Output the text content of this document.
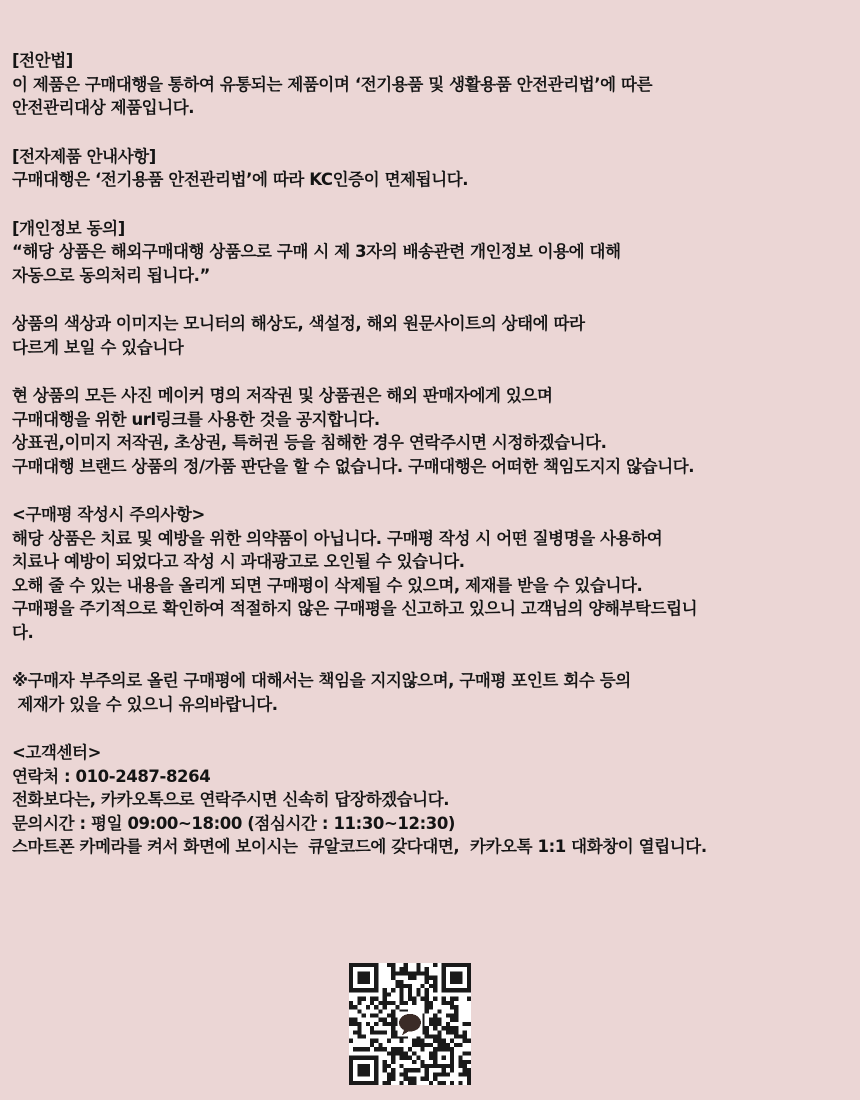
[전안법]
이 제품은 구매대행을 통하여 유통되는 제품이며 ‘전기용품 및 생활용품 안전관리법’에 따른
안전관리대상 제품입니다.
[전자제품 안내사항]
구매대행은 ‘전기용품 안전관리법’에 따라 KC인증이 면제됩니다.
[개인정보 동의]
“해당 상품은 해외구매대행 상품으로 구매 시 제 3자의 배송관련 개인정보 이용에 대해
자동으로 동의처리 됩니다.”
상품의 색상과 이미지는 모니터의 해상도, 색설정, 해외 원문사이트의 상태에 따라
다르게 보일 수 있습니다
현 상품의 모든 사진 메이커 명의 저작권 및 상품권은 해외 판매자에게 있으며
구매대행을 위한 url링크를 사용한 것을 공지합니다.
상표권,이미지 저작권, 초상권, 특허권 등을 침해한 경우 연락주시면 시정하겠습니다.
구매대행 브랜드 상품의 정/가품 판단을 할 수 없습니다. 구매대행은 어떠한 책임도지지 않습니다.
<구매평 작성시 주의사항>
해당 상품은 치료 및 예방을 위한 의약품이 아닙니다. 구매평 작성 시 어떤 질병명을 사용하여
치료나 예방이 되었다고 작성 시 과대광고로 오인될 수 있습니다.
오해 줄 수 있는 내용을 올리게 되면 구매평이 삭제될 수 있으며, 제재를 받을 수 있습니다.
구매평을 주기적으로 확인하여 적절하지 않은 구매평을 신고하고 있으니 고객님의 양해부탁드립니
다.
※구매자 부주의로 올린 구매평에 대해서는 책임을 지지않으며, 구매평 포인트 회수 등의
제재가 있을 수 있으니 유의바랍니다.
<고객센터>
연락처 : 010-2487-8264
전화보다는, 카카오톡으로 연락주시면 신속히 답장하겠습니다.
문의시간 : 평일 09:00~18:00 (점심시간 : 11:30~12:30)
스마트폰 카메라를 켜서 화면에 보이시는  큐알코드에 갖다대면,  카카오톡 1:1 대화창이 열립니다.
